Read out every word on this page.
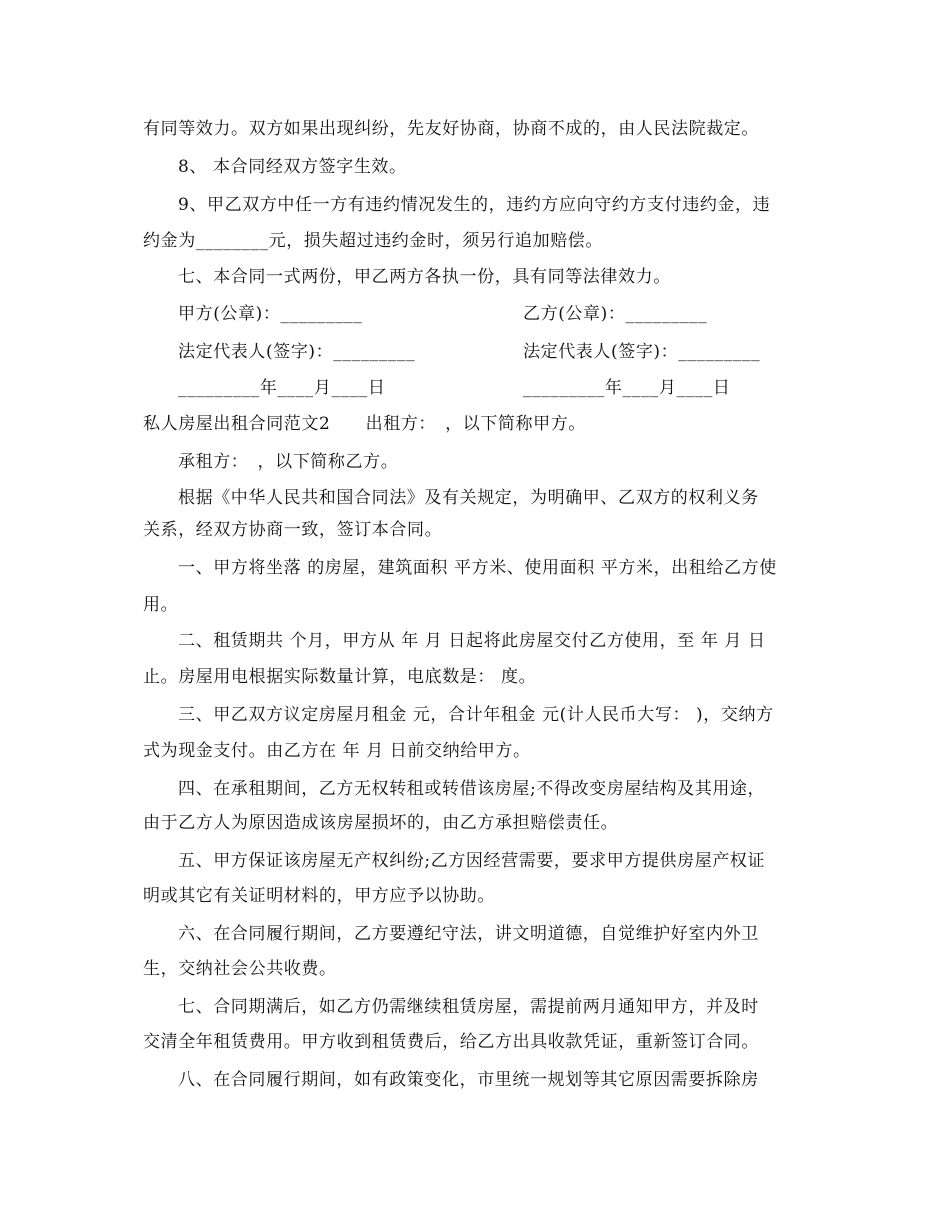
有同等效力。双方如果出现纠纷，先友好协商，协商不成的，由人民法院裁定。
8、 本合同经双方签字生效。
9、甲乙双方中任一方有违约情况发生的，违约方应向守约方支付违约金，违
约金为________元，损失超过违约金时，须另行追加赔偿。
七、本合同一式两份，甲乙两方各执一份，具有同等法律效力。
甲方(公章)：_________	乙方(公章)：_________
法定代表人(签字)：_________	法定代表人(签字)：_________
_________年____月____日	_________年____月____日
私人房屋出租合同范文2　　出租方：　，以下简称甲方。
承租方：　，以下简称乙方。
根据《中华人民共和国合同法》及有关规定，为明确甲、乙双方的权利义务
关系，经双方协商一致，签订本合同。
一、甲方将坐落 的房屋，建筑面积 平方米、使用面积 平方米，出租给乙方使
用。
二、租赁期共 个月，甲方从 年 月 日起将此房屋交付乙方使用，至 年 月 日
止。房屋用电根据实际数量计算，电底数是： 度。
三、甲乙双方议定房屋月租金 元，合计年租金 元(计人民币大写： )，交纳方
式为现金支付。由乙方在 年 月 日前交纳给甲方。
四、在承租期间，乙方无权转租或转借该房屋;不得改变房屋结构及其用途，
由于乙方人为原因造成该房屋损坏的，由乙方承担赔偿责任。
五、甲方保证该房屋无产权纠纷;乙方因经营需要，要求甲方提供房屋产权证
明或其它有关证明材料的，甲方应予以协助。
六、在合同履行期间，乙方要遵纪守法，讲文明道德，自觉维护好室内外卫
生，交纳社会公共收费。
七、合同期满后，如乙方仍需继续租赁房屋，需提前两月通知甲方，并及时
交清全年租赁费用。甲方收到租赁费后，给乙方出具收款凭证，重新签订合同。
八、在合同履行期间，如有政策变化，市里统一规划等其它原因需要拆除房
